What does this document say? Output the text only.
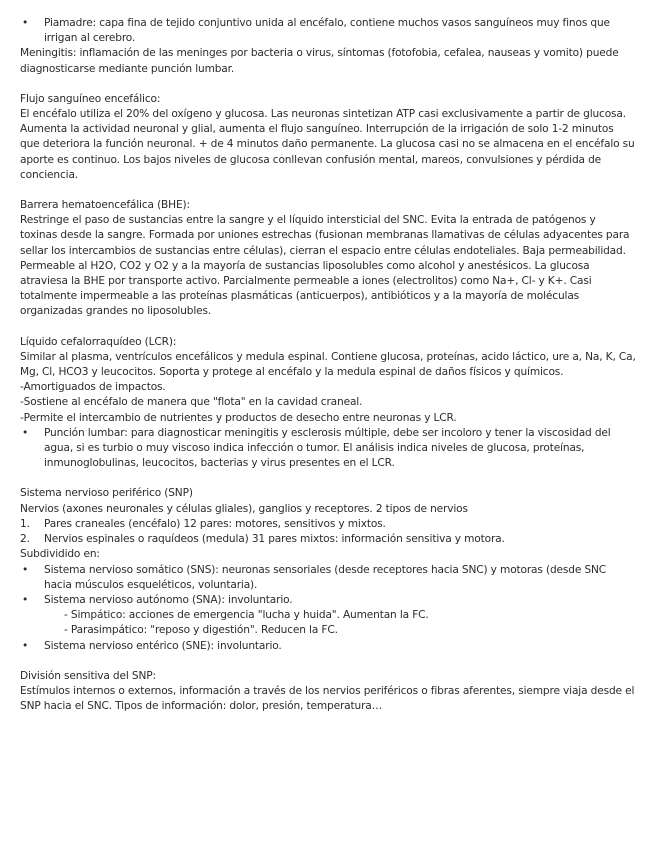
• Piamadre: capa fina de tejido conjuntivo unida al encéfalo, contiene muchos vasos sanguíneos muy finos que irrigan al cerebro.

Meningitis: inflamación de las meninges por bacteria o virus, síntomas (fotofobia, cefalea, nauseas y vomito) puede diagnosticarse mediante punción lumbar.

Flujo sanguíneo encefálico:

El encéfalo utiliza el 20% del oxígeno y glucosa. Las neuronas sintetizan ATP casi exclusivamente a partir de glucosa. Aumenta la actividad neuronal y glial, aumenta el flujo sanguíneo. Interrupción de la irrigación de solo 1-2 minutos que deteriora la función neuronal. + de 4 minutos daño permanente. La glucosa casi no se almacena en el encéfalo su aporte es continuo. Los bajos niveles de glucosa conllevan confusión mental, mareos, convulsiones y pérdida de conciencia.

Barrera hematoencefálica (BHE):

Restringe el paso de sustancias entre la sangre y el líquido intersticial del SNC. Evita la entrada de patógenos y toxinas desde la sangre. Formada por uniones estrechas (fusionan membranas llamativas de células adyacentes para sellar los intercambios de sustancias entre células), cierran el espacio entre células endoteliales. Baja permeabilidad. Permeable al H2O, CO2 y O2 y a la mayoría de sustancias liposolubles como alcohol y anestésicos. La glucosa atraviesa la BHE por transporte activo. Parcialmente permeable a iones (electrolitos) como Na+, Cl- y K+. Casi totalmente impermeable a las proteínas plasmáticas (anticuerpos), antibióticos y a la mayoría de moléculas organizadas grandes no liposolubles.

Líquido cefalorraquídeo (LCR):

Similar al plasma, ventrículos encefálicos y medula espinal. Contiene glucosa, proteínas, acido láctico, ure a, Na, K, Ca, Mg, Cl, HCO3 y leucocitos. Soporta y protege al encéfalo y la medula espinal de daños físicos y químicos.

-Amortiguados de impactos.

-Sostiene al encéfalo de manera que "flota" en la cavidad craneal.

-Permite el intercambio de nutrientes y productos de desecho entre neuronas y LCR.

• Punción lumbar: para diagnosticar meningitis y esclerosis múltiple, debe ser incoloro y tener la viscosidad del agua, si es turbio o muy viscoso indica infección o tumor. El análisis indica niveles de glucosa, proteínas, inmunoglobulinas, leucocitos, bacterias y virus presentes en el LCR.

Sistema nervioso periférico (SNP)

Nervios (axones neuronales y células gliales), ganglios y receptores. 2 tipos de nervios

1. Pares craneales (encéfalo) 12 pares: motores, sensitivos y mixtos.

2. Nervios espinales o raquídeos (medula) 31 pares mixtos: información sensitiva y motora.

Subdividido en:

• Sistema nervioso somático (SNS): neuronas sensoriales (desde receptores hacia SNC) y motoras (desde SNC hacia músculos esqueléticos, voluntaria).

• Sistema nervioso autónomo (SNA): involuntario.

- Simpático: acciones de emergencia "lucha y huida". Aumentan la FC.

- Parasimpático: "reposo y digestión". Reducen la FC.

• Sistema nervioso entérico (SNE): involuntario.

División sensitiva del SNP:

Estímulos internos o externos, información a través de los nervios periféricos o fibras aferentes, siempre viaja desde el SNP hacia el SNC. Tipos de información: dolor, presión, temperatura…
